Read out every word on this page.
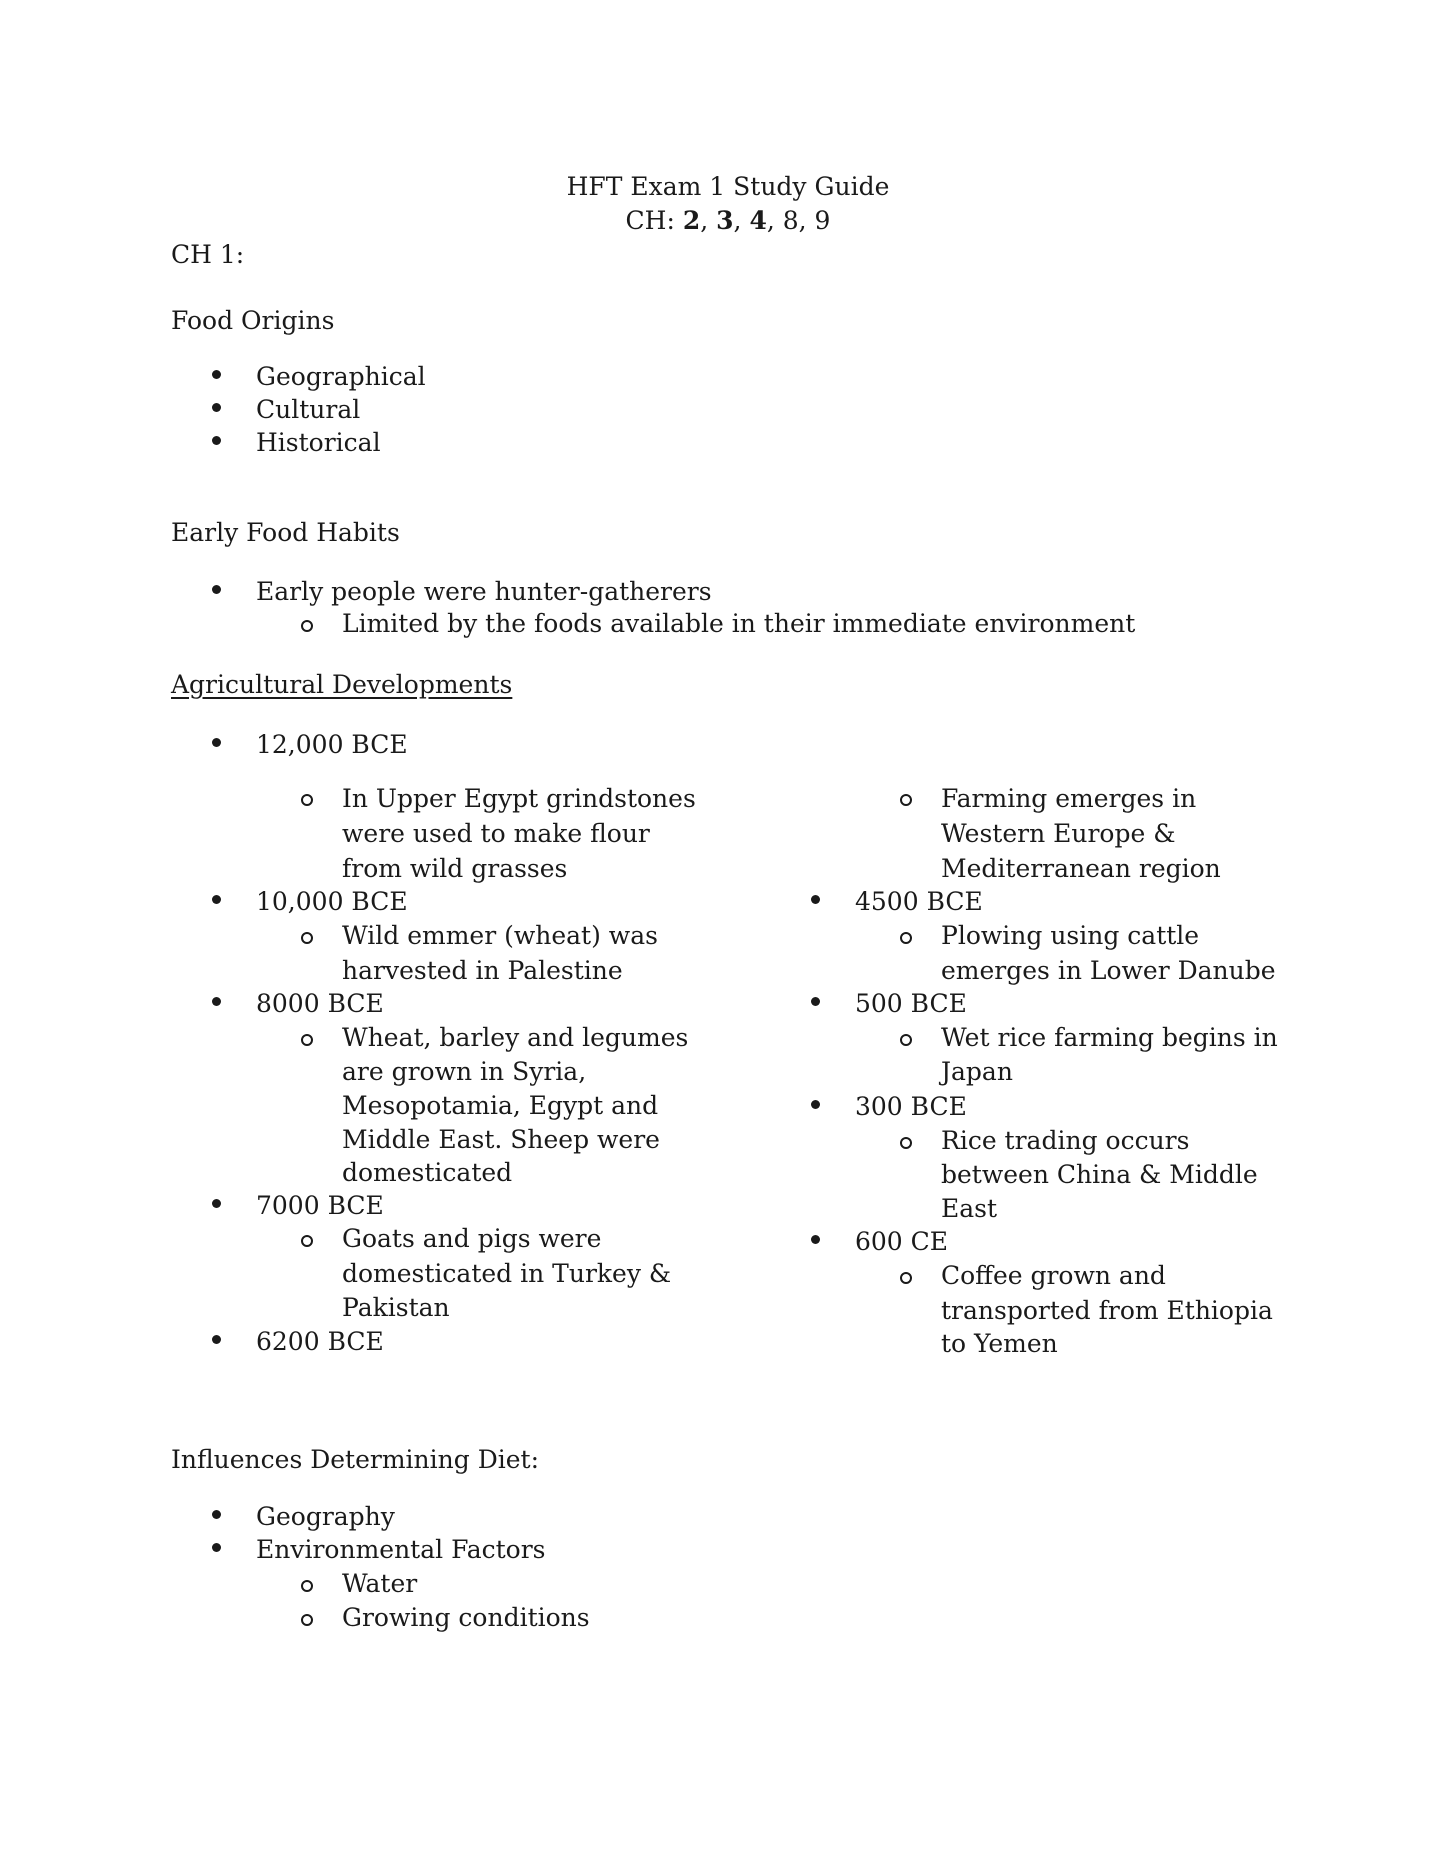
HFT Exam 1 Study Guide
CH: 2, 3, 4, 8, 9
CH 1:
Food Origins
Geographical
Cultural
Historical
Early Food Habits
Early people were hunter-gatherers
Limited by the foods available in their immediate environment
Agricultural Developments
12,000 BCE
In Upper Egypt grindstones
were used to make flour
from wild grasses
10,000 BCE
Wild emmer (wheat) was
harvested in Palestine
8000 BCE
Wheat, barley and legumes
are grown in Syria,
Mesopotamia, Egypt and
Middle East. Sheep were
domesticated
7000 BCE
Goats and pigs were
domesticated in Turkey &
Pakistan
6200 BCE
Farming emerges in
Western Europe &
Mediterranean region
4500 BCE
Plowing using cattle
emerges in Lower Danube
500 BCE
Wet rice farming begins in
Japan
300 BCE
Rice trading occurs
between China & Middle
East
600 CE
Coffee grown and
transported from Ethiopia
to Yemen
Influences Determining Diet:
Geography
Environmental Factors
Water
Growing conditions
